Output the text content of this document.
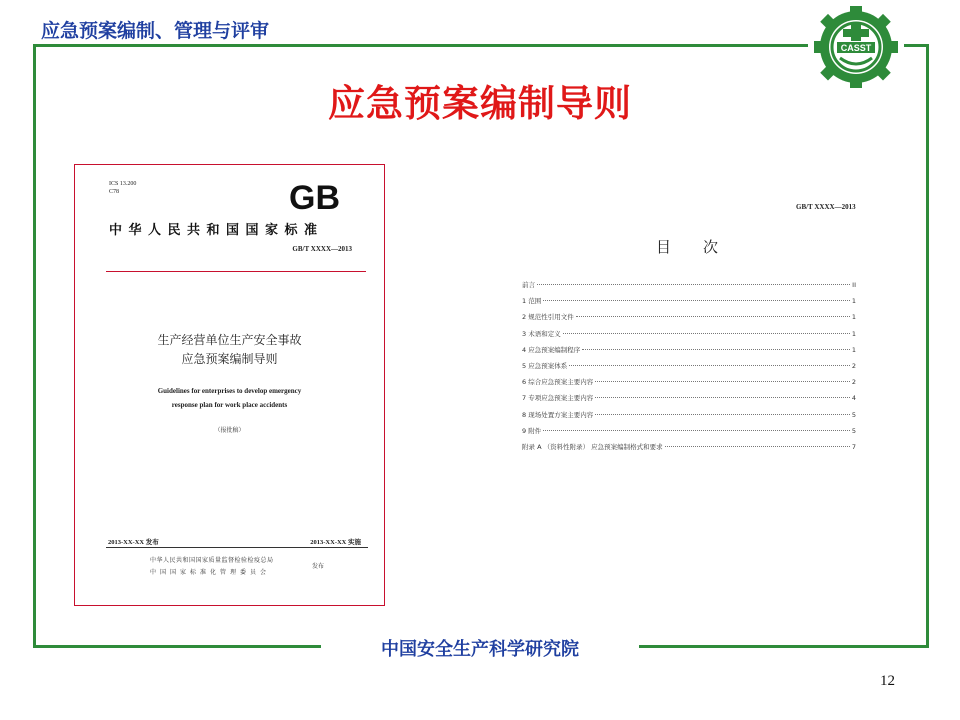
应急预案编制、管理与评审
CASST
应急预案编制导则
ICS 13.200
C78	GB
中华人民共和国国家标准
GB/T XXXX—2013
生产经营单位生产安全事故
应急预案编制导则
Guidelines for enterprises to develop emergency
response plan for work place accidents
（报批稿）
2013-XX-XX 发布	2013-XX-XX 实施
中华人民共和国国家质量监督检验检疫总局
中国国家标准化管理委员会
发布
GB/T XXXX—2013
目次
前言	II
1 范围	1
2 规范性引用文件	1
3 术语和定义	1
4 应急预案编制程序	1
5 应急预案体系	2
6 综合应急预案主要内容	2
7 专项应急预案主要内容	4
8 现场处置方案主要内容	5
9 附件	5
附录 A （资料性附录） 应急预案编制格式和要求	7
中国安全生产科学研究院
12
